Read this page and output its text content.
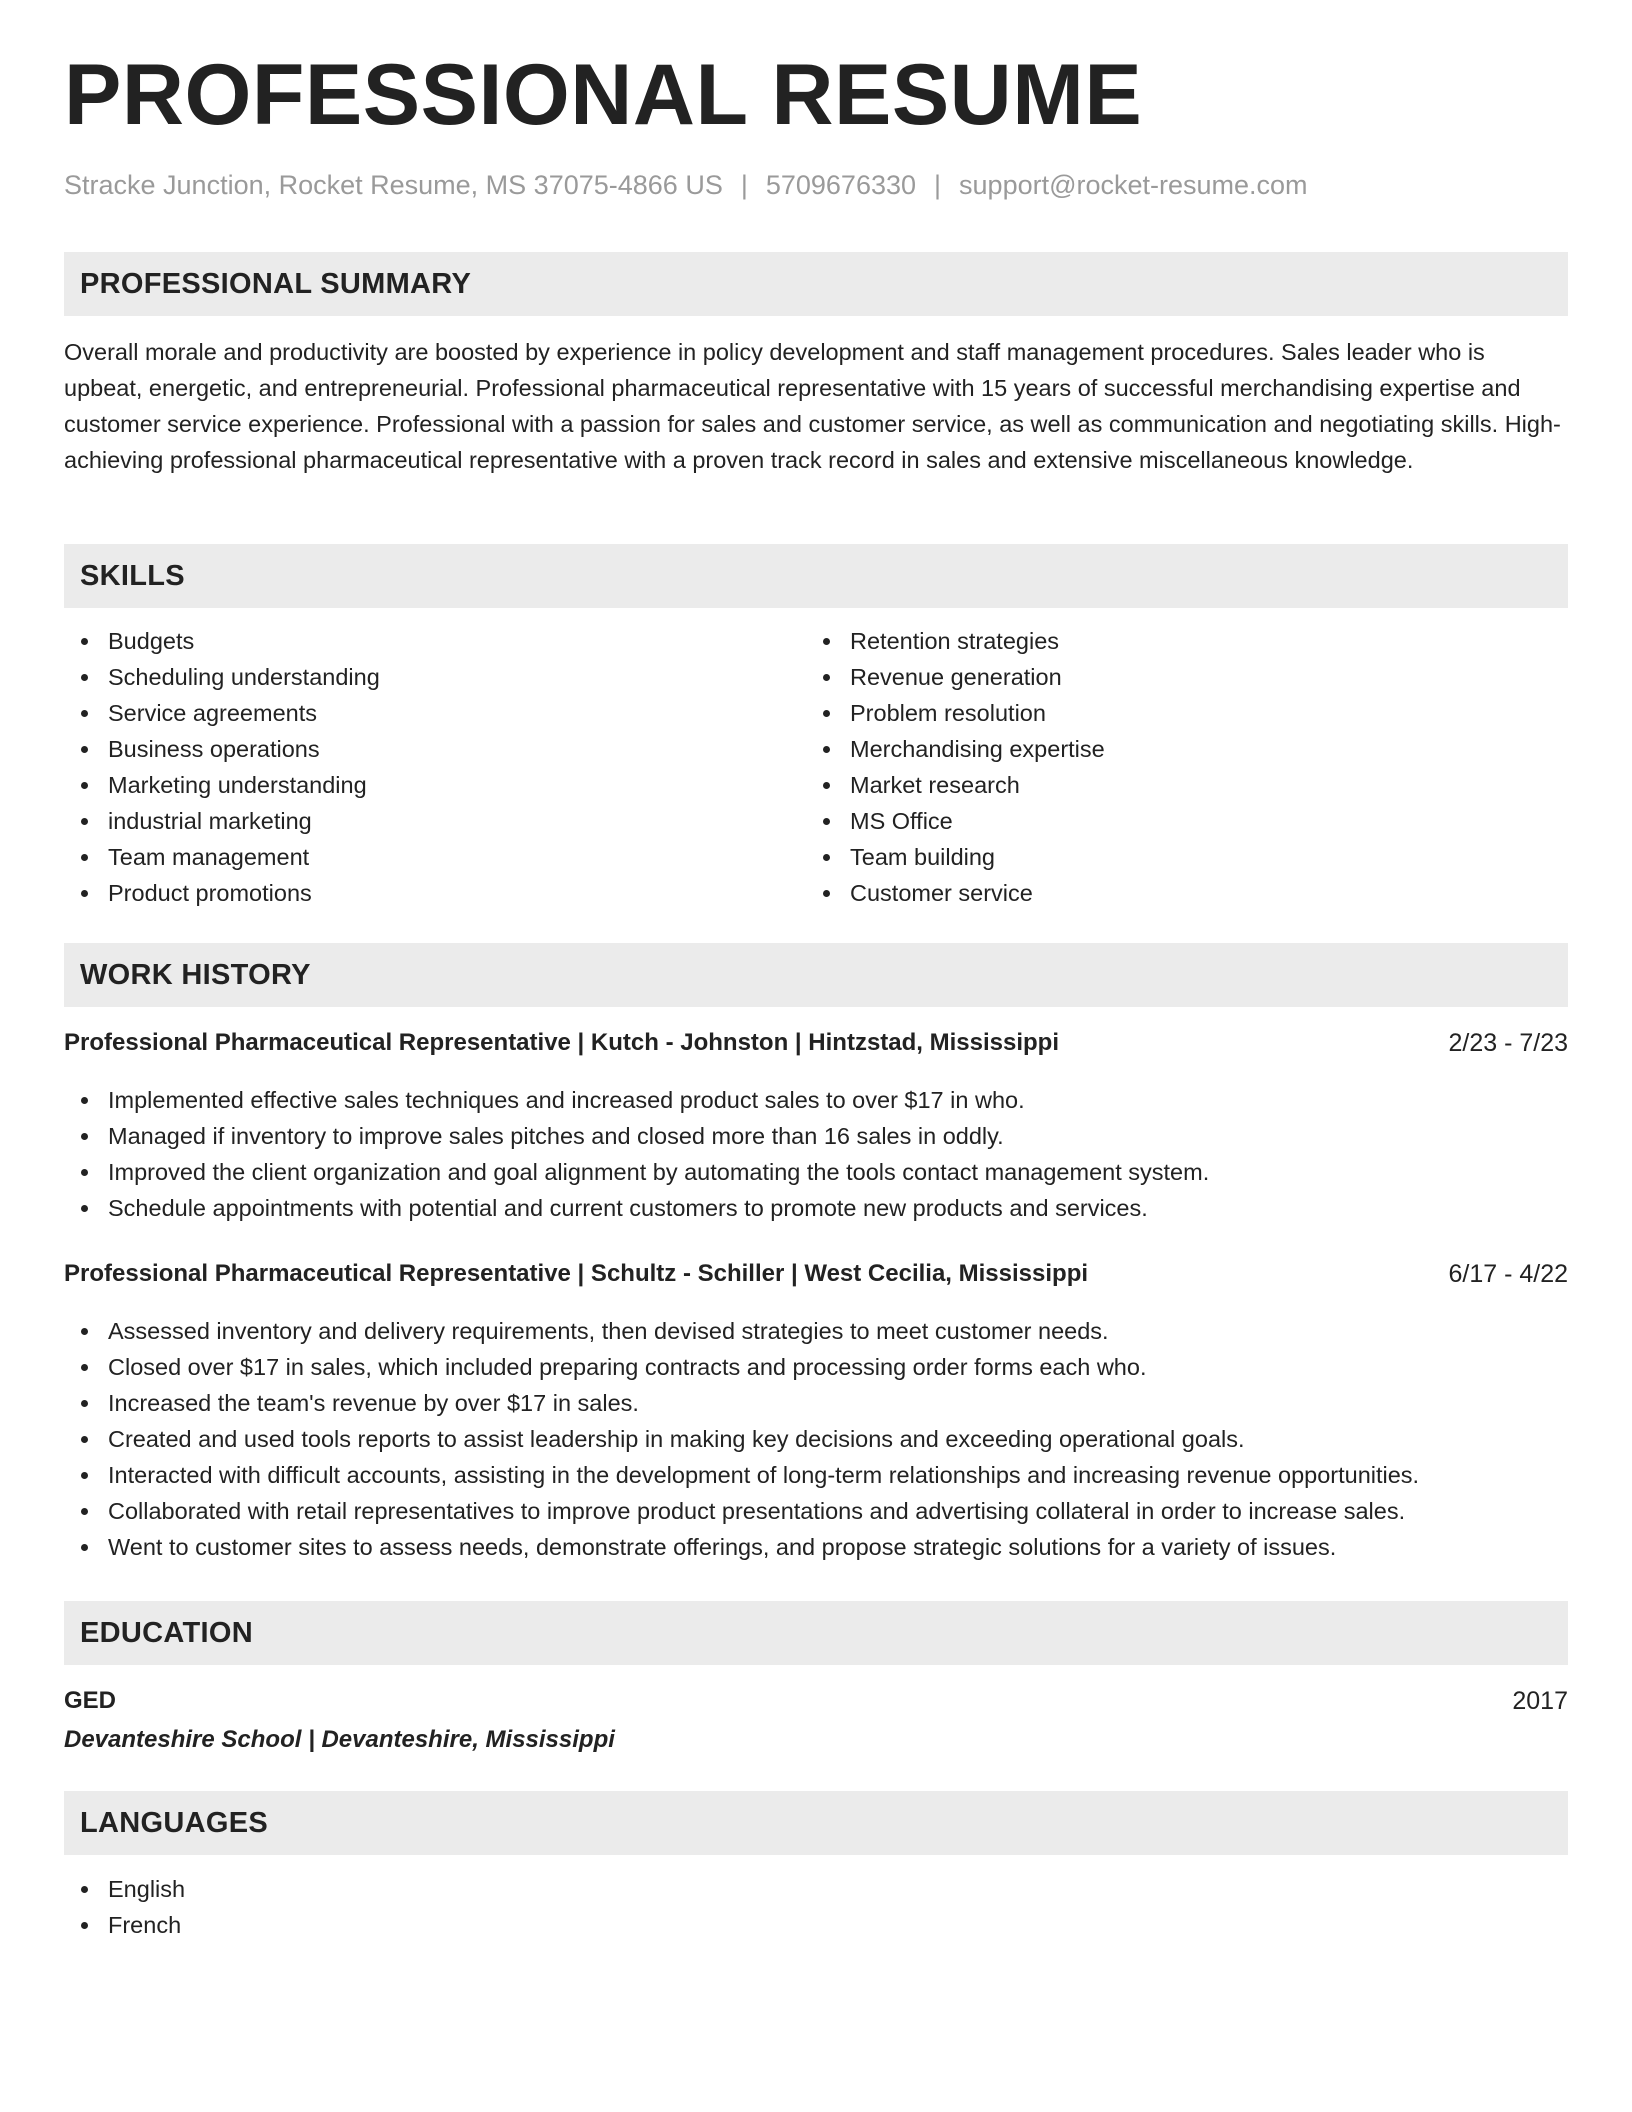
PROFESSIONAL RESUME
Stracke Junction, Rocket Resume, MS 37075-4866 US | 5709676330 | support@rocket-resume.com
PROFESSIONAL SUMMARY

Overall morale and productivity are boosted by experience in policy development and staff management procedures. Sales leader who is upbeat, energetic, and entrepreneurial. Professional pharmaceutical representative with 15 years of successful merchandising expertise and customer service experience. Professional with a passion for sales and customer service, as well as communication and negotiating skills. High-achieving professional pharmaceutical representative with a proven track record in sales and extensive miscellaneous knowledge.

SKILLS
Budgets
Scheduling understanding
Service agreements
Business operations
Marketing understanding
industrial marketing
Team management
Product promotions
Retention strategies
Revenue generation
Problem resolution
Merchandising expertise
Market research
MS Office
Team building
Customer service
WORK HISTORY
Professional Pharmaceutical Representative | Kutch - Johnston | Hintzstad, Mississippi	2/23 - 7/23
Implemented effective sales techniques and increased product sales to over $17 in who.
Managed if inventory to improve sales pitches and closed more than 16 sales in oddly.
Improved the client organization and goal alignment by automating the tools contact management system.
Schedule appointments with potential and current customers to promote new products and services.
Professional Pharmaceutical Representative | Schultz - Schiller | West Cecilia, Mississippi	6/17 - 4/22
Assessed inventory and delivery requirements, then devised strategies to meet customer needs.
Closed over $17 in sales, which included preparing contracts and processing order forms each who.
Increased the team's revenue by over $17 in sales.
Created and used tools reports to assist leadership in making key decisions and exceeding operational goals.
Interacted with difficult accounts, assisting in the development of long-term relationships and increasing revenue opportunities.
Collaborated with retail representatives to improve product presentations and advertising collateral in order to increase sales.
Went to customer sites to assess needs, demonstrate offerings, and propose strategic solutions for a variety of issues.
EDUCATION
GED	2017
Devanteshire School | Devanteshire, Mississippi
LANGUAGES
English
French
